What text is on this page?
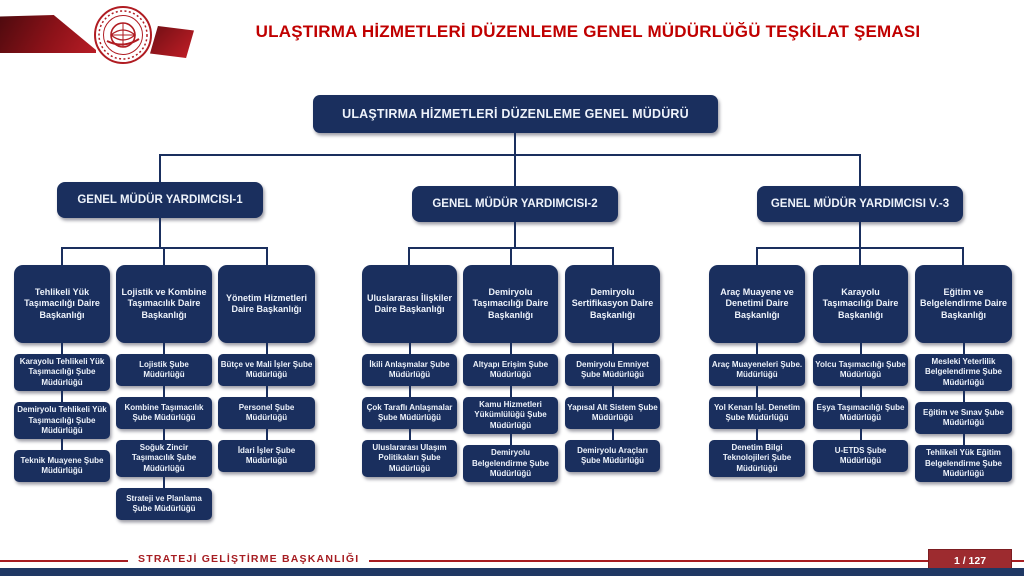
ULAŞTIRMA HİZMETLERİ DÜZENLEME GENEL MÜDÜRLÜĞÜ TEŞKİLAT ŞEMASI
ULAŞTIRMA HİZMETLERİ DÜZENLEME GENEL MÜDÜRÜ
GENEL MÜDÜR YARDIMCISI-1	GENEL MÜDÜR YARDIMCISI-2	GENEL MÜDÜR YARDIMCISI V.-3
Tehlikeli Yük Taşımacılığı Daire Başkanlığı
Karayolu Tehlikeli Yük Taşımacılığı Şube Müdürlüğü
Demiryolu Tehlikeli Yük Taşımacılığı Şube Müdürlüğü
Teknik Muayene Şube Müdürlüğü
Lojistik ve Kombine Taşımacılık Daire Başkanlığı
Lojistik Şube Müdürlüğü
Kombine Taşımacılık Şube Müdürlüğü
Soğuk Zincir Taşımacılık Şube Müdürlüğü
Strateji ve Planlama Şube Müdürlüğü
Yönetim Hizmetleri Daire Başkanlığı
Bütçe ve Mali İşler Şube Müdürlüğü
Personel Şube Müdürlüğü
İdari İşler Şube Müdürlüğü
Uluslararası İlişkiler Daire Başkanlığı
İkili Anlaşmalar Şube Müdürlüğü
Çok Taraflı Anlaşmalar Şube Müdürlüğü
Uluslararası Ulaşım Politikaları Şube Müdürlüğü
Demiryolu Taşımacılığı Daire Başkanlığı
Altyapı Erişim Şube Müdürlüğü
Kamu Hizmetleri Yükümlülüğü Şube Müdürlüğü
Demiryolu Belgelendirme Şube Müdürlüğü
Demiryolu Sertifikasyon Daire Başkanlığı
Demiryolu Emniyet Şube Müdürlüğü
Yapısal Alt Sistem Şube Müdürlüğü
Demiryolu Araçları Şube Müdürlüğü
Araç Muayene ve Denetimi Daire Başkanlığı
Araç Muayeneleri Şube. Müdürlüğü
Yol Kenarı İşl. Denetim Şube Müdürlüğü
Denetim Bilgi Teknolojileri Şube Müdürlüğü
Karayolu Taşımacılığı Daire Başkanlığı
Yolcu Taşımacılığı Şube Müdürlüğü
Eşya Taşımacılığı Şube Müdürlüğü
U-ETDS Şube Müdürlüğü
Eğitim ve Belgelendirme Daire Başkanlığı
Mesleki Yeterlilik Belgelendirme Şube Müdürlüğü
Eğitim ve Sınav Şube Müdürlüğü
Tehlikeli Yük Eğitim Belgelendirme Şube Müdürlüğü
STRATEJİ GELİŞTİRME BAŞKANLIĞI	1 / 127
